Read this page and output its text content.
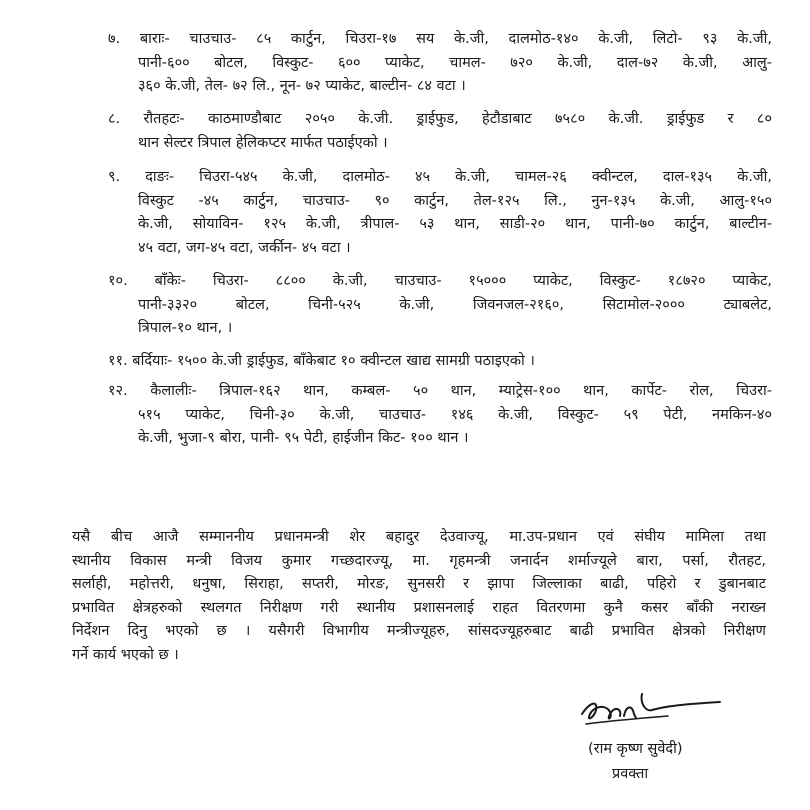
७. बाराः- चाउचाउ- ८५ कार्टुन, चिउरा-१७ सय के.जी, दालमोठ-१४० के.जी, लिटो- ९३ के.जी,
पानी-६०० बोटल, विस्कुट- ६०० प्याकेट, चामल- ७२० के.जी, दाल-७२ के.जी, आलु-
३६० के.जी, तेल- ७२ लि., नून- ७२ प्याकेट, बाल्टीन- ८४ वटा ।
८. रौतहटः- काठमाण्डौबाट २०५० के.जी. ड्राईफुड, हेटौडाबाट ७५८० के.जी. ड्राईफुड र ८०
थान सेल्टर त्रिपाल हेलिकप्टर मार्फत पठाईएको ।
९. दाङः- चिउरा-५४५ के.जी, दालमोठ- ४५ के.जी, चामल-२६ क्वीन्टल, दाल-१३५ के.जी,
विस्कुट -४५ कार्टुन, चाउचाउ- ९० कार्टुन, तेल-१२५ लि., नुन-१३५ के.जी, आलु-१५०
के.जी, सोयाविन- १२५ के.जी, त्रीपाल- ५३ थान, साडी-२० थान, पानी-७० कार्टुन, बाल्टीन-
४५ वटा, जग-४५ वटा, जर्कीन- ४५ वटा ।
१०. बाँकेः- चिउरा- ८८०० के.जी, चाउचाउ- १५००० प्याकेट, विस्कुट- १८७२० प्याकेट,
पानी-३३२० बोटल, चिनी-५२५ के.जी, जिवनजल-२१६०, सिटामोल-२००० ट्याबलेट,
त्रिपाल-१० थान, ।
११. बर्दियाः- १५०० के.जी ड्राईफुड, बाँकेबाट १० क्वीन्टल खाद्य सामग्री पठाइएको ।
१२. कैलालीः- त्रिपाल-१६२ थान, कम्बल- ५० थान, म्याट्रेस-१०० थान, कार्पेट- रोल, चिउरा-
५१५ प्याकेट, चिनी-३० के.जी, चाउचाउ- १४६ के.जी, विस्कुट- ५९ पेटी, नमकिन-४०
के.जी, भुजा-९ बोरा, पानी- ९५ पेटी, हाईजीन किट- १०० थान ।
यसै बीच आजै सम्माननीय प्रधानमन्त्री शेर बहादुर देउवाज्यू, मा.उप-प्रधान एवं संघीय मामिला तथा
स्थानीय विकास मन्त्री विजय कुमार गच्छदारज्यू, मा. गृहमन्त्री जनार्दन शर्माज्यूले बारा, पर्सा, रौतहट,
सर्लाही, महोत्तरी, धनुषा, सिराहा, सप्तरी, मोरङ, सुनसरी र झापा जिल्लाका बाढी, पहिरो र डुबानबाट
प्रभावित क्षेत्रहरुको स्थलगत निरीक्षण गरी स्थानीय प्रशासनलाई राहत वितरणमा कुनै कसर बाँकी नराख्न
निर्देशन दिनु भएको छ । यसैगरी विभागीय मन्त्रीज्यूहरु, सांसदज्यूहरुबाट बाढी प्रभावित क्षेत्रको निरीक्षण
गर्ने कार्य भएको छ ।
(राम कृष्ण सुवेदी)
प्रवक्ता
